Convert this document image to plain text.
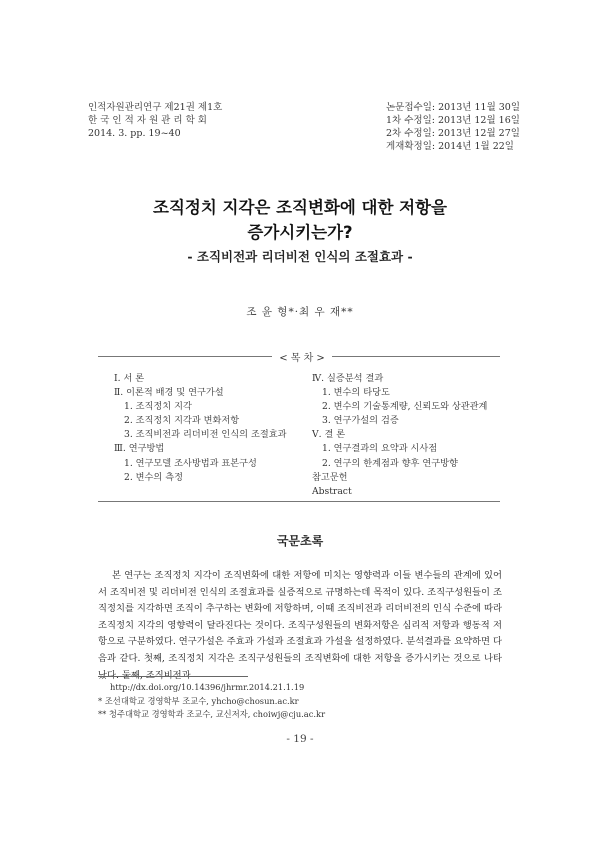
인적자원관리연구 제21권 제1호
한 국 인 적 자 원 관 리 학 회
2014. 3. pp. 19~40
논문접수일: 2013년 11월 30일
1차 수정일: 2013년 12월 16일
2차 수정일: 2013년 12월 27일
게재확정일: 2014년 1월 22일
조직정치 지각은 조직변화에 대한 저항을
증가시키는가?
- 조직비전과 리더비전 인식의 조절효과 -
조 윤 형*·최 우 재**
< 목 차 >
Ⅰ. 서 론
Ⅱ. 이론적 배경 및 연구가설
1. 조직정치 지각
2. 조직정치 지각과 변화저항
3. 조직비전과 리더비전 인식의 조절효과
Ⅲ. 연구방법
1. 연구모델 조사방법과 표본구성
2. 변수의 측정
Ⅳ. 실증분석 결과
1. 변수의 타당도
2. 변수의 기술통계량, 신뢰도와 상관관계
3. 연구가설의 검증
Ⅴ. 결 론
1. 연구결과의 요약과 시사점
2. 연구의 한계점과 향후 연구방향
참고문헌
Abstract
국문초록
본 연구는 조직정치 지각이 조직변화에 대한 저항에 미치는 영향력과 이들 변수들의 관계에 있어서 조직비전 및 리더비전 인식의 조절효과를 실증적으로 규명하는데 목적이 있다. 조직구성원들이 조직정치를 지각하면 조직이 추구하는 변화에 저항하며, 이때 조직비전과 리더비전의 인식 수준에 따라 조직정치 지각의 영향력이 달라진다는 것이다. 조직구성원들의 변화저항은 심리적 저항과 행동적 저항으로 구분하였다. 연구가설은 주효과 가설과 조절효과 가설을 설정하였다. 분석결과를 요약하면 다음과 같다. 첫째, 조직정치 지각은 조직구성원들의 조직변화에 대한 저항을 증가시키는 것으로 나타났다. 둘째, 조직비전과
http://dx.doi.org/10.14396/jhrmr.2014.21.1.19
* 조선대학교 경영학부 조교수, yhcho@chosun.ac.kr
** 청주대학교 경영학과 조교수, 교신저자, choiwj@cju.ac.kr
- 19 -
